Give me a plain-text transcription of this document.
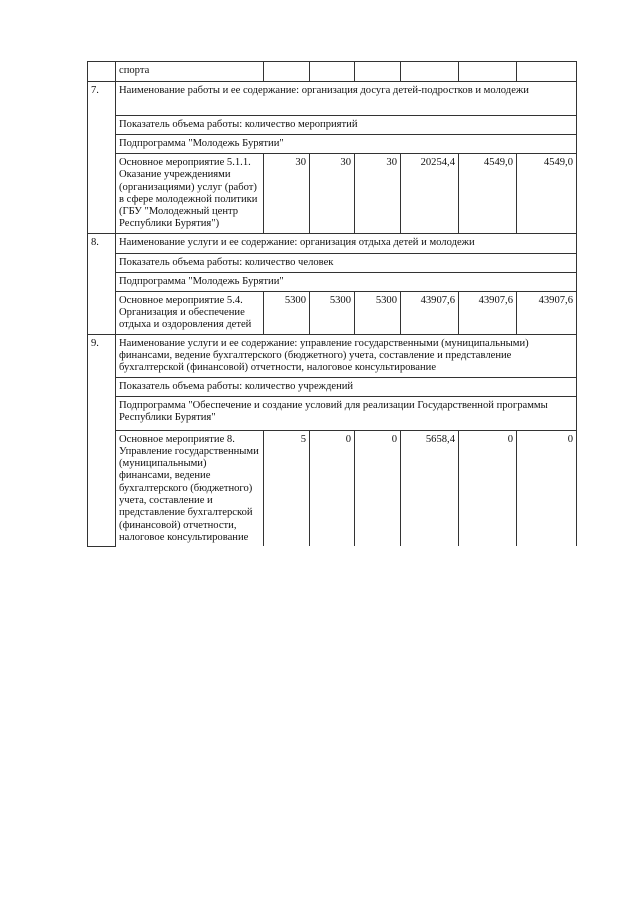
	спорта						
7.	Наименование работы и ее содержание: организация досуга детей-подростков и молодежи						
	Показатель объема работы: количество мероприятий						
	Подпрограмма "Молодежь Бурятии"						
	Основное мероприятие 5.1.1. Оказание учреждениями (организациями) услуг (работ) в сфере молодежной политики (ГБУ "Молодежный центр Республики Бурятия")	30	30	30	20254,4	4549,0	4549,0
8.	Наименование услуги и ее содержание: организация отдыха детей и молодежи						
	Показатель объема работы: количество человек						
	Подпрограмма "Молодежь Бурятии"						
	Основное мероприятие 5.4. Организация и обеспечение отдыха и оздоровления детей	5300	5300	5300	43907,6	43907,6	43907,6
9.	Наименование услуги и ее содержание: управление государственными (муниципальными) финансами, ведение бухгалтерского (бюджетного) учета, составление и представление бухгалтерской (финансовой) отчетности, налоговое консультирование						
	Показатель объема работы: количество учреждений						
	Подпрограмма "Обеспечение и создание условий для реализации Государственной программы Республики Бурятия"						
	Основное мероприятие 8. Управление государственными (муниципальными) финансами, ведение бухгалтерского (бюджетного) учета, составление и представление бухгалтерской (финансовой) отчетности, налоговое консультирование	5	0	0	5658,4	0	0
